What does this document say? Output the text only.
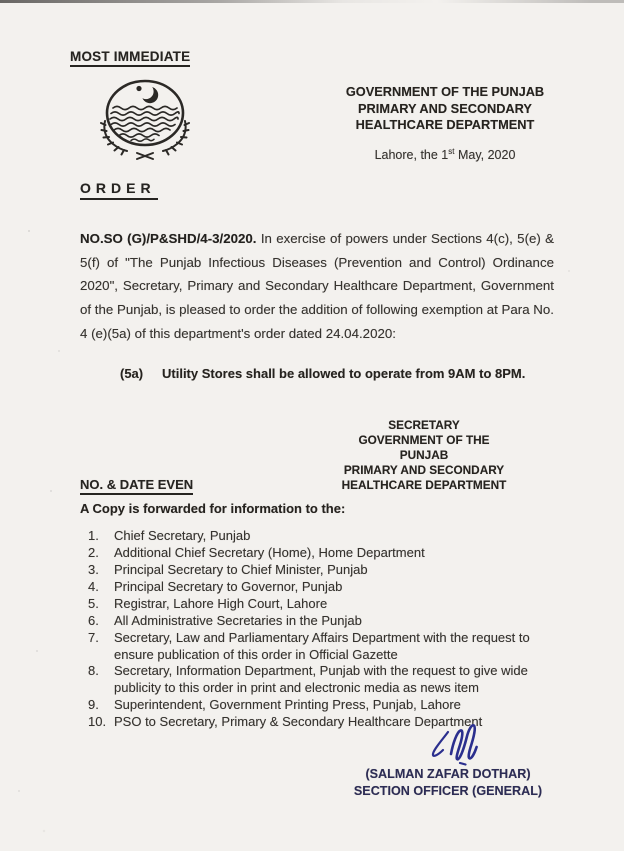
MOST IMMEDIATE
GOVERNMENT OF THE PUNJAB
PRIMARY AND SECONDARY
HEALTHCARE DEPARTMENT
Lahore, the 1st May, 2020
ORDER

NO.SO (G)/P&SHD/4-3/2020. In exercise of powers under Sections 4(c), 5(e) & 5(f) of "The Punjab Infectious Diseases (Prevention and Control) Ordinance 2020", Secretary, Primary and Secondary Healthcare Department, Government of the Punjab, is pleased to order the addition of following exemption at Para No. 4 (e)(5a) of this department's order dated 24.04.2020:

(5a)	Utility Stores shall be allowed to operate from 9AM to 8PM.
SECRETARY
GOVERNMENT OF THE PUNJAB
PRIMARY AND SECONDARY
HEALTHCARE DEPARTMENT
NO. & DATE EVEN
A Copy is forwarded for information to the:
1.	Chief Secretary, Punjab
2.	Additional Chief Secretary (Home), Home Department
3.	Principal Secretary to Chief Minister, Punjab
4.	Principal Secretary to Governor, Punjab
5.	Registrar, Lahore High Court, Lahore
6.	All Administrative Secretaries in the Punjab
7.	Secretary, Law and Parliamentary Affairs Department with the request to ensure publication of this order in Official Gazette
8.	Secretary, Information Department, Punjab with the request to give wide publicity to this order in print and electronic media as news item
9.	Superintendent, Government Printing Press, Punjab, Lahore
10. PSO to Secretary, Primary & Secondary Healthcare Department
(SALMAN ZAFAR DOTHAR)
SECTION OFFICER (GENERAL)
